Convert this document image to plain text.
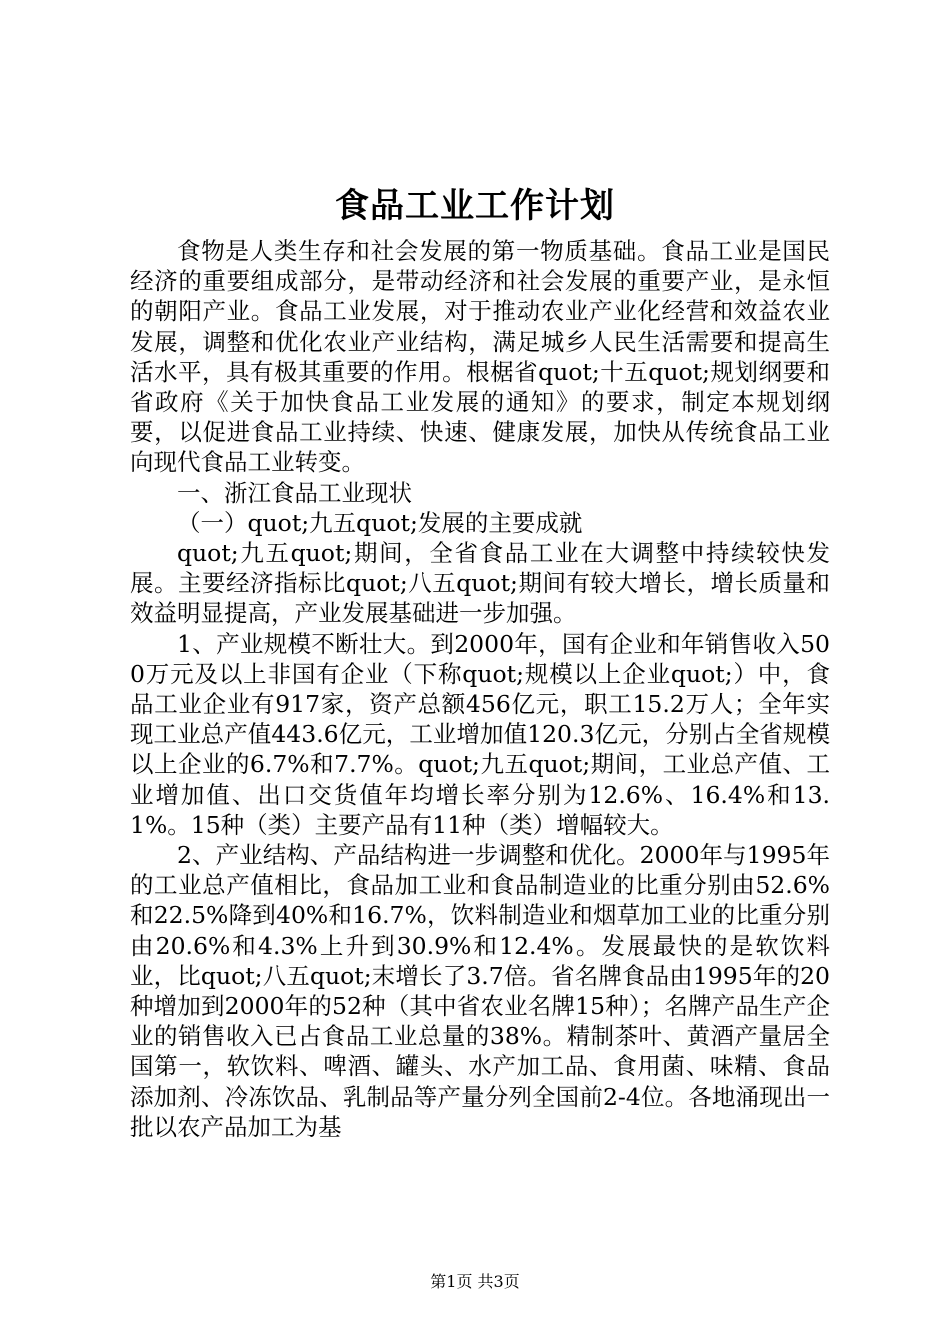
食品工业工作计划

食物是人类生存和社会发展的第一物质基础。食品工业是国民经济的重要组成部分，是带动经济和社会发展的重要产业，是永恒的朝阳产业。食品工业发展，对于推动农业产业化经营和效益农业发展，调整和优化农业产业结构，满足城乡人民生活需要和提高生活水平，具有极其重要的作用。根椐省quot;十五quot;规划纲要和省政府《关于加快食品工业发展的通知》的要求，制定本规划纲要，以促进食品工业持续、快速、健康发展，加快从传统食品工业向现代食品工业转变。

一、浙江食品工业现状

（一）quot;九五quot;发展的主要成就

quot;九五quot;期间，全省食品工业在大调整中持续较快发展。主要经济指标比quot;八五quot;期间有较大增长，增长质量和效益明显提高，产业发展基础进一步加强。

1、产业规模不断壮大。到2000年，国有企业和年销售收入500万元及以上非国有企业（下称quot;规模以上企业quot;）中，食品工业企业有917家，资产总额456亿元，职工15.2万人；全年实现工业总产值443.6亿元，工业增加值120.3亿元，分别占全省规模以上企业的6.7%和7.7%。quot;九五quot;期间，工业总产值、工业增加值、出口交货值年均增长率分别为12.6%、16.4%和13.1%。15种（类）主要产品有11种（类）增幅较大。

2、产业结构、产品结构进一步调整和优化。2000年与1995年的工业总产值相比，食品加工业和食品制造业的比重分别由52.6%和22.5%降到40%和16.7%，饮料制造业和烟草加工业的比重分别由20.6%和4.3%上升到30.9%和12.4%。发展最快的是软饮料业，比quot;八五quot;末增长了3.7倍。省名牌食品由1995年的20种增加到2000年的52种（其中省农业名牌15种）；名牌产品生产企业的销售收入已占食品工业总量的38%。精制茶叶、黄酒产量居全国第一，软饮料、啤酒、罐头、水产加工品、食用菌、味精、食品添加剂、冷冻饮品、乳制品等产量分列全国前2-4位。各地涌现出一批以农产品加工为基

第1页 共3页
